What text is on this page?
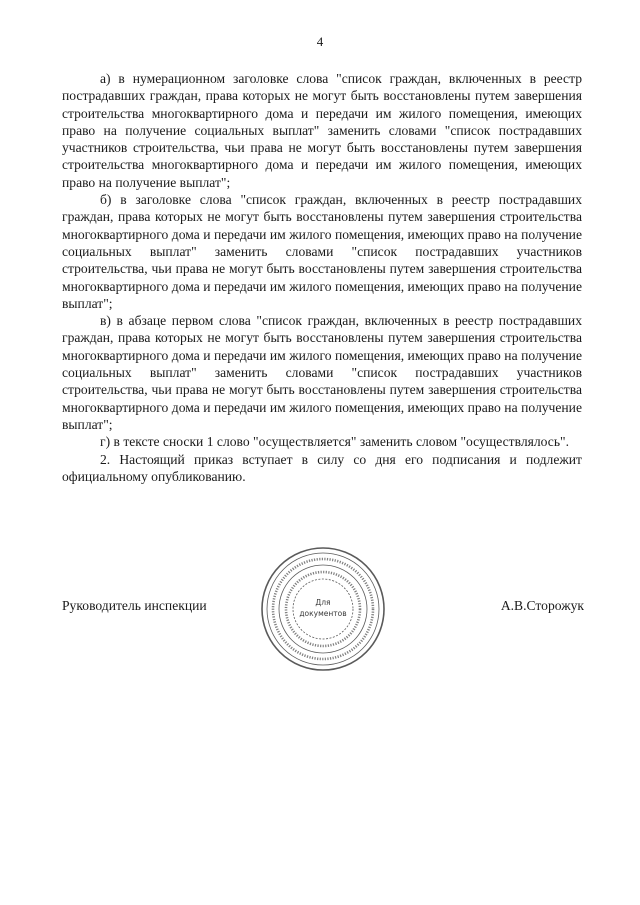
4

а) в нумерационном заголовке слова "список граждан, включенных в реестр пострадавших граждан, права которых не могут быть восстановлены путем завершения строительства многоквартирного дома и передачи им жилого помещения, имеющих право на получение социальных выплат" заменить словами "список пострадавших участников строительства, чьи права не могут быть восстановлены путем завершения строительства многоквартирного дома и передачи им жилого помещения, имеющих право на получение выплат";

б) в заголовке слова "список граждан, включенных в реестр пострадавших граждан, права которых не могут быть восстановлены путем завершения строительства многоквартирного дома и передачи им жилого помещения, имеющих право на получение социальных выплат" заменить словами "список пострадавших участников строительства, чьи права не могут быть восстановлены путем завершения строительства многоквартирного дома и передачи им жилого помещения, имеющих право на получение выплат";

в) в абзаце первом слова "список граждан, включенных в реестр пострадавших граждан, права которых не могут быть восстановлены путем завершения строительства многоквартирного дома и передачи им жилого помещения, имеющих право на получение социальных выплат" заменить словами "список пострадавших участников строительства, чьи права не могут быть восстановлены путем завершения строительства многоквартирного дома и передачи им жилого помещения, имеющих право на получение выплат";

г) в тексте сноски 1 слово "осуществляется" заменить словом "осуществлялось".

2. Настоящий приказ вступает в силу со дня его подписания и подлежит официальному опубликованию.

Руководитель инспекции	А.В.Сторожук
Для
документов
